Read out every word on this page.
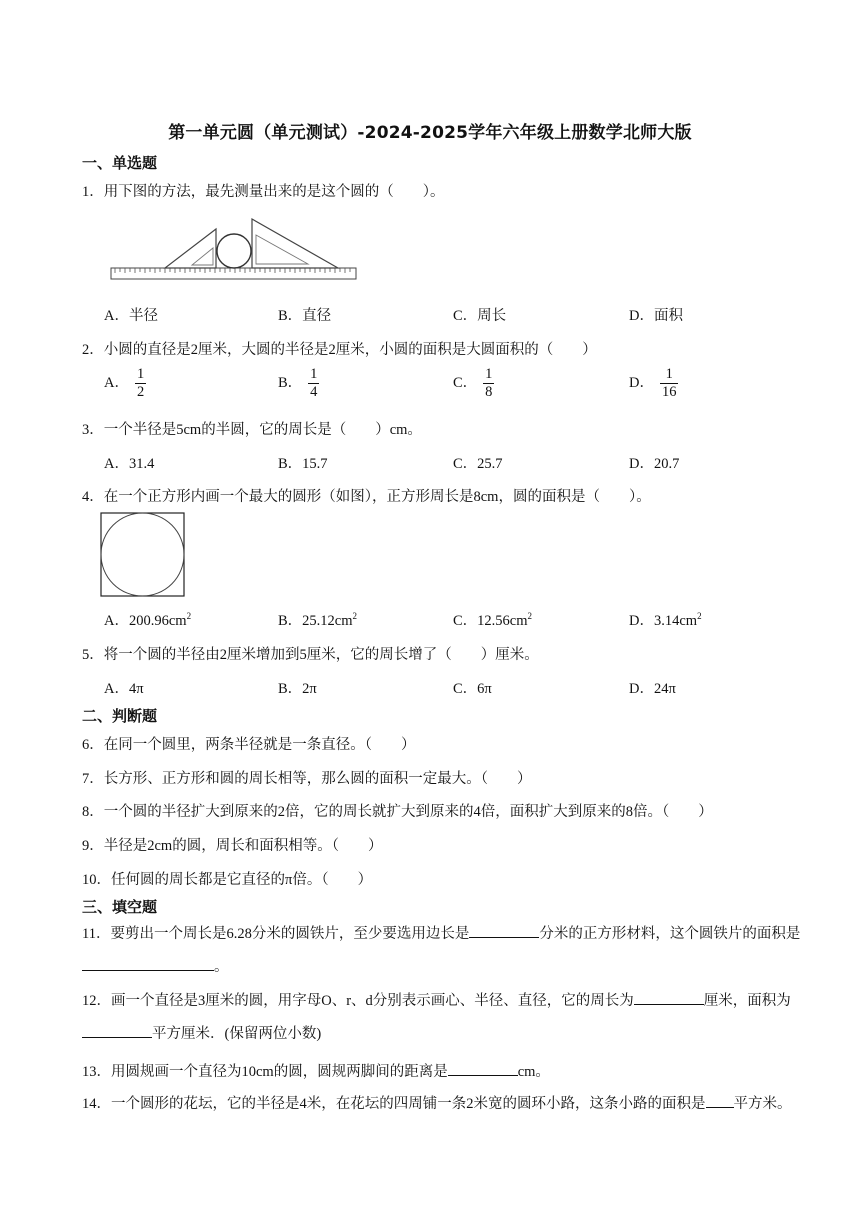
第一单元圆（单元测试）-2024-2025学年六年级上册数学北师大版
一、单选题
1．用下图的方法，最先测量出来的是这个圆的（　　）。
A．半径	B．直径	C．周长	D．面积
2．小圆的直径是2厘米，大圆的半径是2厘米，小圆的面积是大圆面积的（　　）
A． $\frac{1}{2}$	B． $\frac{1}{4}$	C． $\frac{1}{8}$	D． $\frac{1}{16}$
3．一个半径是5cm的半圆，它的周长是（　　）cm。
A．31.4	B．15.7	C．25.7	D．20.7
4．在一个正方形内画一个最大的圆形（如图），正方形周长是8cm，圆的面积是（　　）。
A．$200.96cm^2$	B．$25.12cm^2$	C．$12.56cm^2$	D．$3.14cm^2$
5．将一个圆的半径由2厘米增加到5厘米，它的周长增了（　　）厘米。
A．4π	B．2π	C．6π	D．24π
二、判断题
6．在同一个圆里，两条半径就是一条直径。（　　）
7．长方形、正方形和圆的周长相等，那么圆的面积一定最大。（　　）
8．一个圆的半径扩大到原来的2倍，它的周长就扩大到原来的4倍，面积扩大到原来的8倍。（　　）
9．半径是2cm的圆，周长和面积相等。（　　）
10．任何圆的周长都是它直径的π倍。（　　）
三、填空题
11．要剪出一个周长是6.28分米的圆铁片，至少要选用边长是	分米的正方形材料，这个圆铁片的面积是。
12．画一个直径是3厘米的圆，用字母O、r、d分别表示画心、半径、直径，它的周长为	厘米，面积为平方厘米．(保留两位小数)
13．用圆规画一个直径为10cm的圆，圆规两脚间的距离是	cm。
14．一个圆形的花坛，它的半径是4米，在花坛的四周铺一条2米宽的圆环小路，这条小路的面积是 平方米。
